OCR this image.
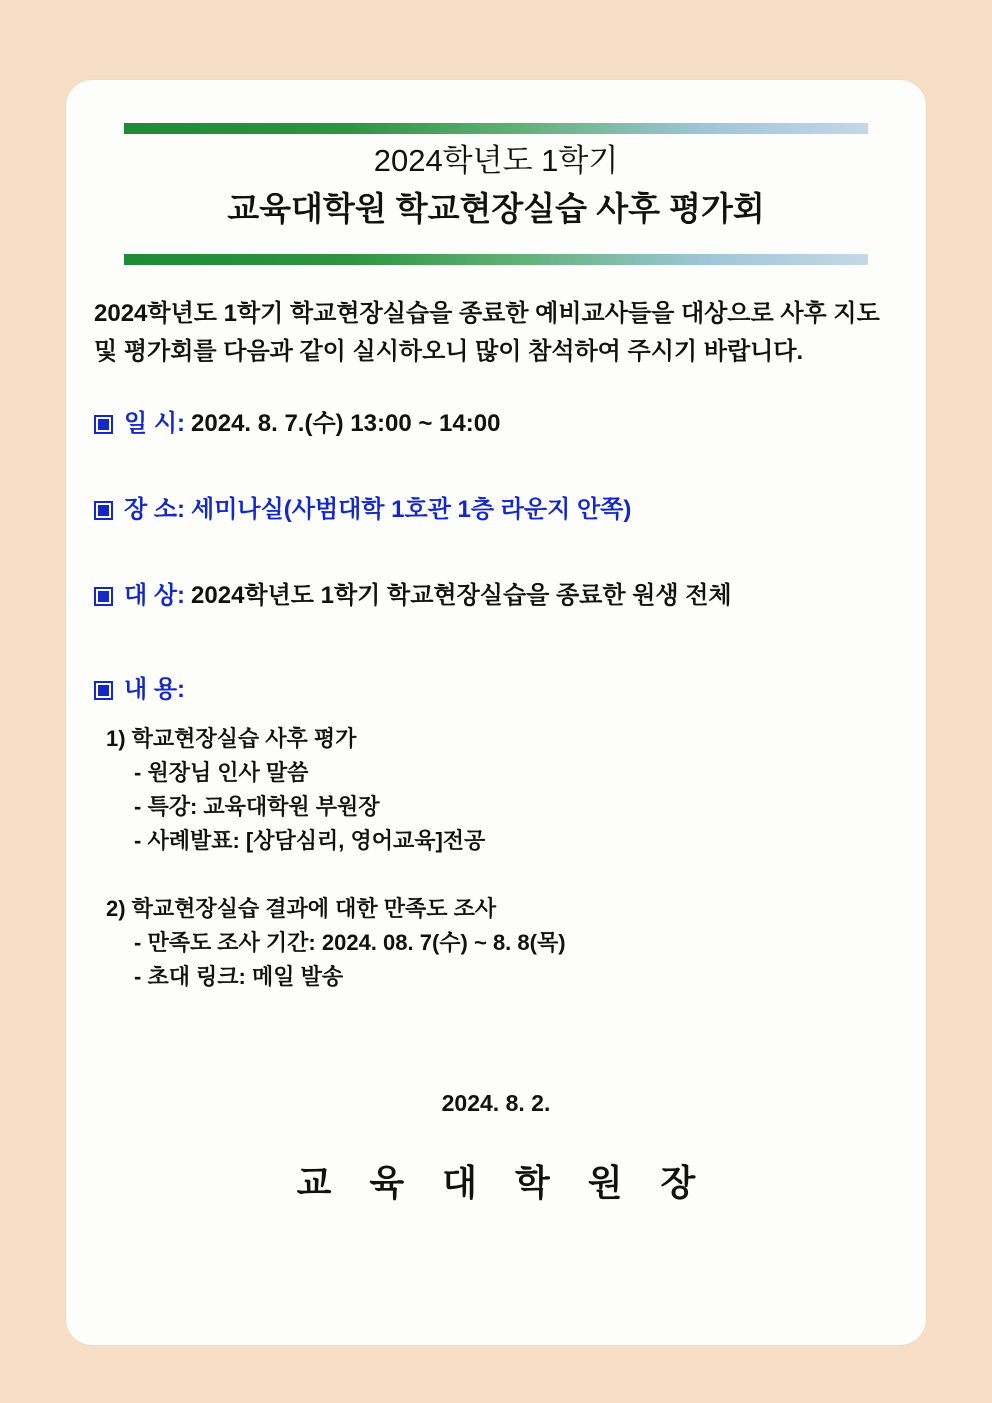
2024학년도 1학기
교육대학원 학교현장실습 사후 평가회
2024학년도 1학기 학교현장실습을 종료한 예비교사들을 대상으로 사후 지도 및 평가회를 다음과 같이 실시하오니 많이 참석하여 주시기 바랍니다.
일 시: 2024. 8. 7.(수) 13:00 ~ 14:00
장 소: 세미나실(사범대학 1호관 1층 라운지 안쪽)
대 상: 2024학년도 1학기 학교현장실습을 종료한 원생 전체
내 용:
1) 학교현장실습 사후 평가
- 원장님 인사 말씀
- 특강: 교육대학원 부원장
- 사례발표: [상담심리, 영어교육]전공
2) 학교현장실습 결과에 대한 만족도 조사
- 만족도 조사 기간: 2024. 08. 7(수) ~ 8. 8(목)
- 초대 링크: 메일 발송
2024. 8. 2.
교 육 대 학 원 장
